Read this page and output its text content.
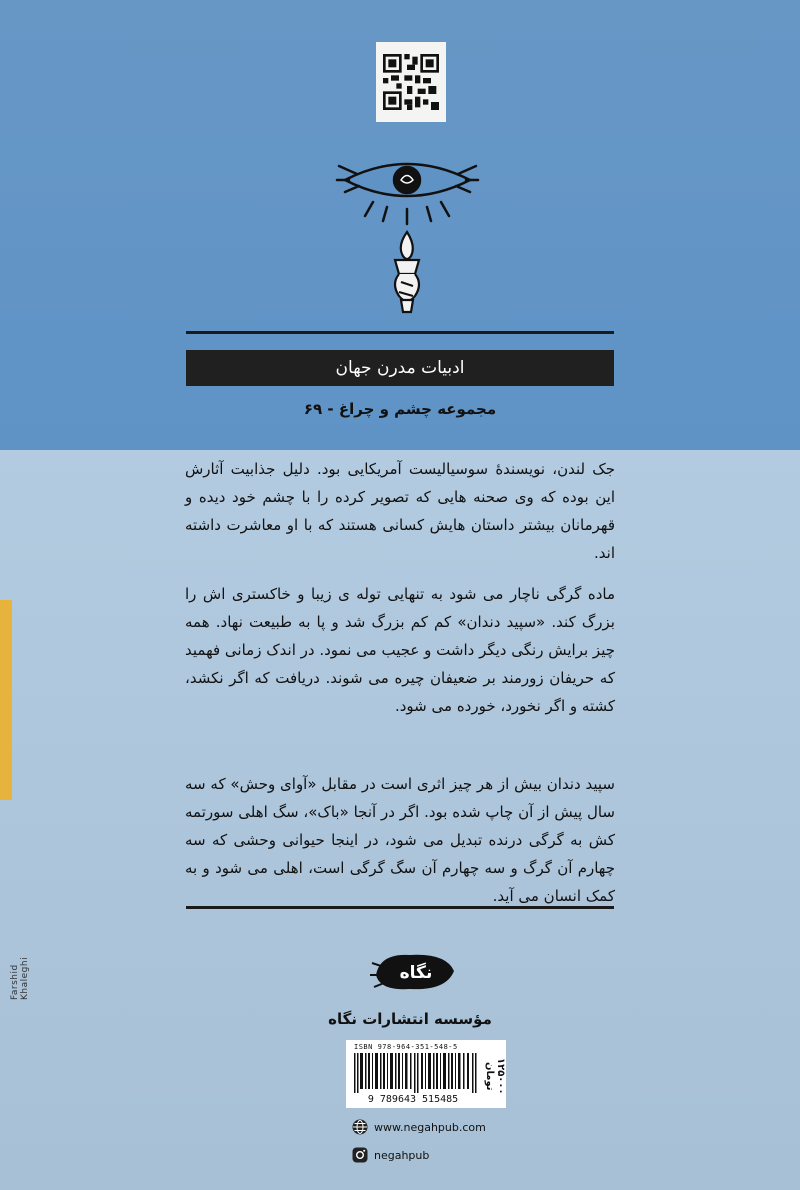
ادبیات مدرن جهان
مجموعه چشم و چراغ - ۶۹

جک لندن، نویسندهٔ سوسیالیست آمریکایی بود. دلیل جذابیت آثارش این بوده که وی صحنه هایی که تصویر کرده را با چشم خود دیده و قهرمانان بیشتر داستان هایش کسانی هستند که با او معاشرت داشته اند.

ماده گرگی ناچار می شود به تنهایی توله ی زیبا و خاکستری اش را بزرگ کند. «سپید دندان» کم کم بزرگ شد و پا به طبیعت نهاد. همه چیز برایش رنگی دیگر داشت و عجیب می نمود. در اندک زمانی فهمید که حریفان زورمند بر ضعیفان چیره می شوند. دریافت که اگر نکشد، کشته و اگر نخورد، خورده می شود.

سپید دندان بیش از هر چیز اثری است در مقابل «آوای وحش» که سه سال پیش از آن چاپ شده بود. اگر در آنجا «باک»، سگ اهلی سورتمه کش به گرگی درنده تبدیل می شود، در اینجا حیوانی وحشی که سه چهارم آن گرگ و سه چهارم آن سگ گرگی است، اهلی می شود و به کمک انسان می آید.

نگاه
مؤسسه انتشارات نگاه
ISBN 978-964-351-548-5
9 789643 515485
۱۲۵۰۰۰ تومان
www.negahpub.com
negahpub
Farshid Khaleghi
